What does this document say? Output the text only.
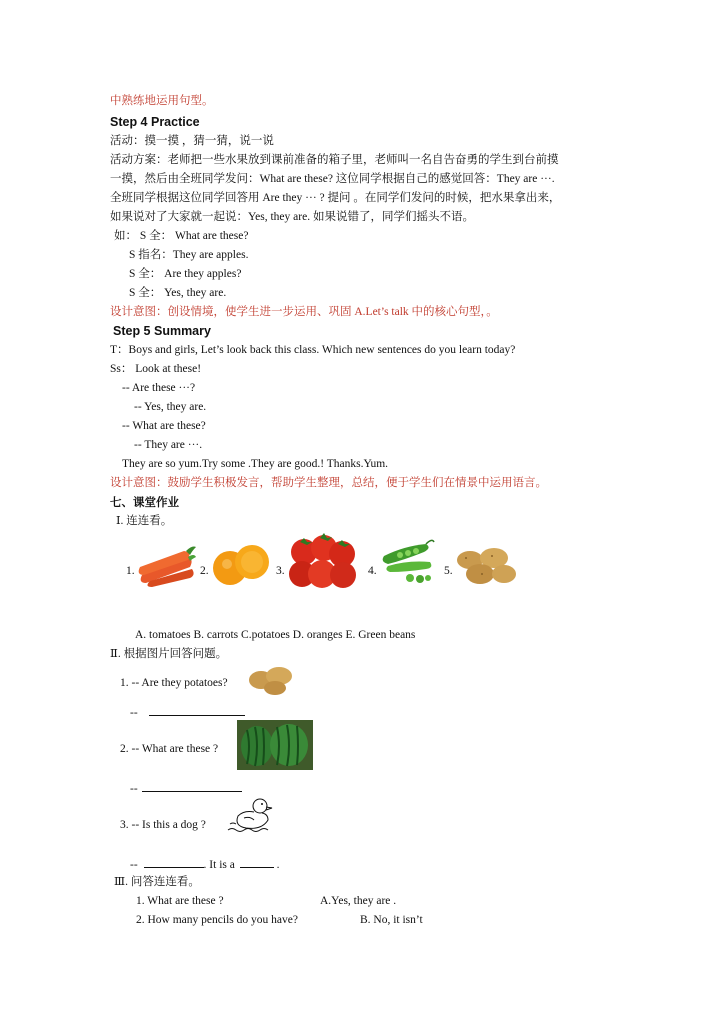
中熟练地运用句型。
Step 4 Practice
活动：摸一摸 ，猜一猜，说一说
活动方案：老师把一些水果放到课前准备的箱子里，老师叫一名自告奋勇的学生到台前摸
一摸，然后由全班同学发问：What are these? 这位同学根据自己的感觉回答：They are ···.
全班同学根据这位同学回答用 Are they ··· ? 提问 。在同学们发问的时候，把水果拿出来，
如果说对了大家就一起说：Yes, they are. 如果说错了，同学们摇头不语。
如： S 全： What are these?
S 指名：They are apples.
S 全： Are they apples?
S 全： Yes, they are.
设计意图：创设情境，使学生进一步运用、巩固 A.Let’s talk 中的核心句型，。
Step 5 Summary
T：Boys and girls, Let’s look back this class. Which new sentences do you learn today?
Ss： Look at these!
-- Are these ···?
-- Yes, they are.
-- What are these?
-- They are ···.
They are so yum.Try some .They are good.! Thanks.Yum.
设计意图：鼓励学生积极发言，帮助学生整理，总结，便于学生们在情景中运用语言。
七、课堂作业
Ⅰ. 连连看。
1.	2.	3.	4.	5.
A. tomatoes B. carrots C.potatoes D. oranges E. Green beans
Ⅱ. 根据图片回答问题。
1. -- Are they potatoes?
--
2. -- What are these ?
--
3. -- Is this a dog ?
--	. It is a	.
Ⅲ. 问答连连看。
1. What are these ?	A.Yes, they are .
2. How many pencils do you have?	B. No, it isn’t
